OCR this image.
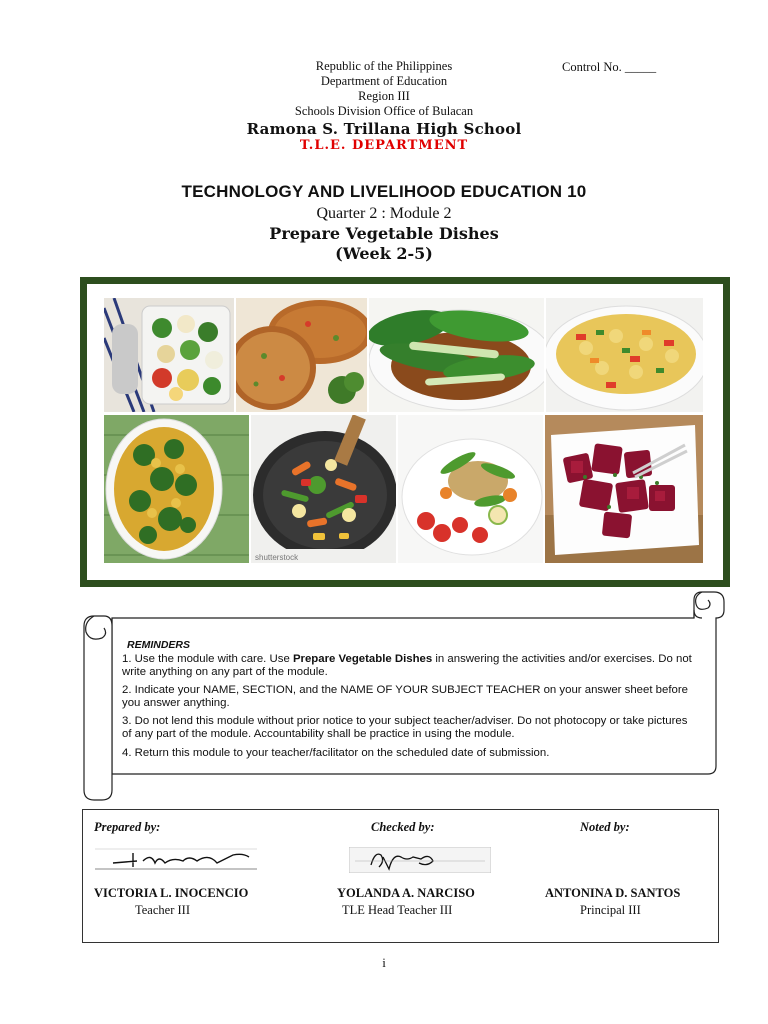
Republic of the Philippines
Department of Education
Region III
Schools Division Office of Bulacan
Control No. _____
Ramona S. Trillana High School
T.L.E. DEPARTMENT
TECHNOLOGY AND LIVELIHOOD EDUCATION 10
Quarter 2 : Module 2
Prepare Vegetable Dishes
(Week 2-5)
shutterstock
REMINDERS
1. Use the module with care. Use Prepare Vegetable Dishes in answering the activities and/or exercises. Do not write anything on any part of the module.
2. Indicate your NAME, SECTION, and the NAME OF YOUR SUBJECT TEACHER on your answer sheet before you answer anything.
3. Do not lend this module without prior notice to your subject teacher/adviser. Do not photocopy or take pictures of any part of the module. Accountability shall be practice in using the module.
4. Return this module to your teacher/facilitator on the scheduled date of submission.
Prepared by:
VICTORIA L. INOCENCIO
Teacher III
Checked by:
YOLANDA A. NARCISO
TLE Head Teacher III
Noted by:
ANTONINA D. SANTOS
Principal III
i
